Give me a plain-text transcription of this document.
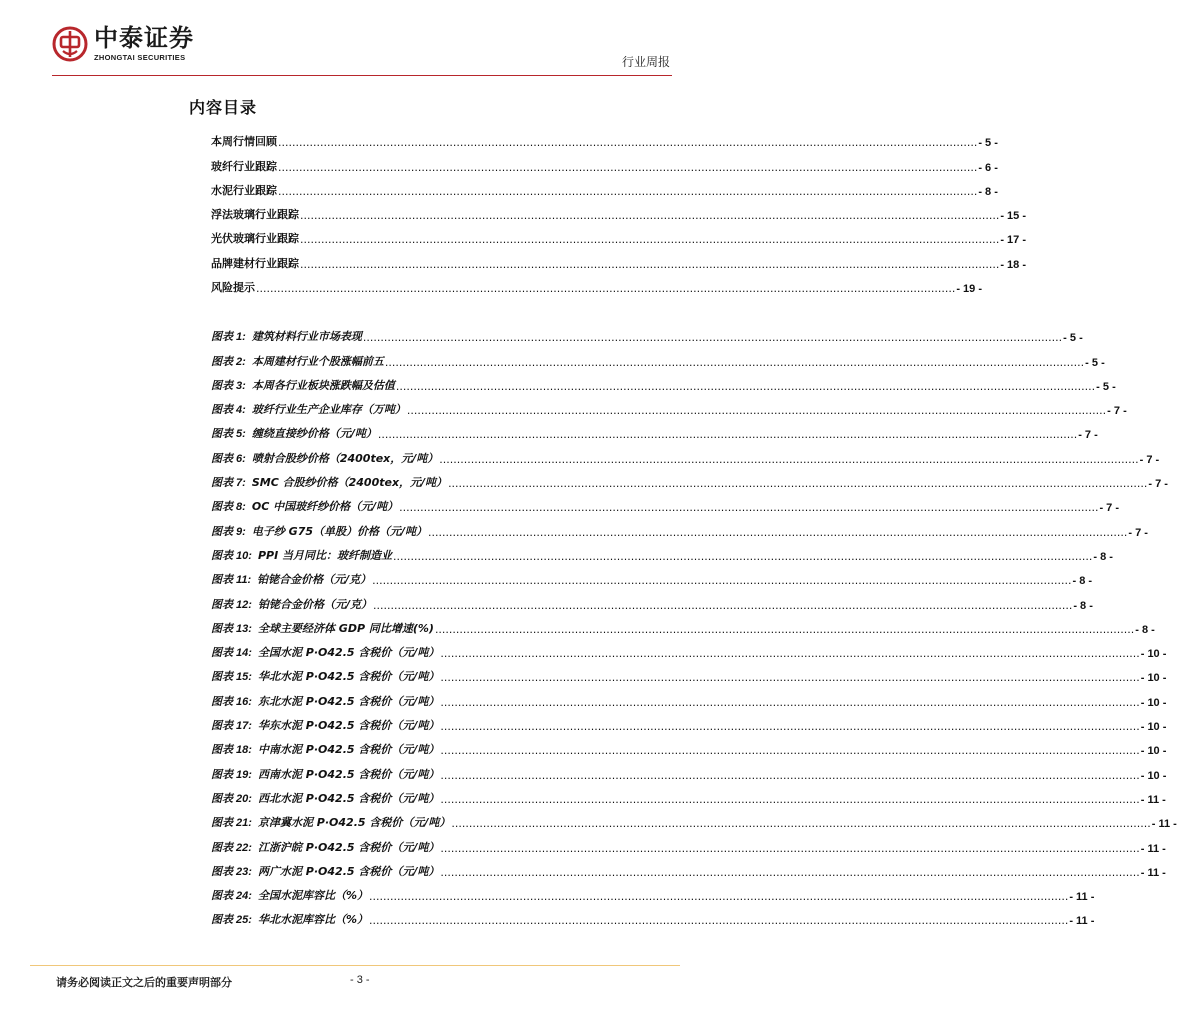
中泰证券
ZHONGTAI SECURITIES	行业周报
内容目录
本周行情回顾 ........................................................................................................................................................................................................ - 5 -
玻纤行业跟踪 ........................................................................................................................................................................................................ - 6 -
水泥行业跟踪 ........................................................................................................................................................................................................ - 8 -
浮法玻璃行业跟踪 ........................................................................................................................................................................................................ - 15 -
光伏玻璃行业跟踪 ........................................................................................................................................................................................................ - 17 -
品牌建材行业跟踪 ........................................................................................................................................................................................................ - 18 -
风险提示 ........................................................................................................................................................................................................ - 19 -
图表 1: 建筑材料行业市场表现 ........................................................................................................................................................................................................ - 5 -
图表 2: 本周建材行业个股涨幅前五 ........................................................................................................................................................................................................ - 5 -
图表 3: 本周各行业板块涨跌幅及估值 ........................................................................................................................................................................................................ - 5 -
图表 4: 玻纤行业生产企业库存（万吨） ........................................................................................................................................................................................................ - 7 -
图表 5: 缠绕直接纱价格（元/吨） ........................................................................................................................................................................................................ - 7 -
图表 6: 喷射合股纱价格（2400tex，元/吨） ........................................................................................................................................................................................................ - 7 -
图表 7: SMC 合股纱价格（2400tex，元/吨） ........................................................................................................................................................................................................ - 7 -
图表 8: OC 中国玻纤纱价格（元/吨） ........................................................................................................................................................................................................ - 7 -
图表 9: 电子纱 G75（单股）价格（元/吨） ........................................................................................................................................................................................................ - 7 -
图表 10: PPI 当月同比：玻纤制造业 ........................................................................................................................................................................................................ - 8 -
图表 11: 铂铑合金价格（元/克） ........................................................................................................................................................................................................ - 8 -
图表 12: 铂铑合金价格（元/克） ........................................................................................................................................................................................................ - 8 -
图表 13: 全球主要经济体 GDP 同比增速(%) ........................................................................................................................................................................................................ - 8 -
图表 14: 全国水泥 P·O42.5 含税价（元/吨） ........................................................................................................................................................................................................ - 10 -
图表 15: 华北水泥 P·O42.5 含税价（元/吨） ........................................................................................................................................................................................................ - 10 -
图表 16: 东北水泥 P·O42.5 含税价（元/吨） ........................................................................................................................................................................................................ - 10 -
图表 17: 华东水泥 P·O42.5 含税价（元/吨） ........................................................................................................................................................................................................ - 10 -
图表 18: 中南水泥 P·O42.5 含税价（元/吨） ........................................................................................................................................................................................................ - 10 -
图表 19: 西南水泥 P·O42.5 含税价（元/吨） ........................................................................................................................................................................................................ - 10 -
图表 20: 西北水泥 P·O42.5 含税价（元/吨） ........................................................................................................................................................................................................ - 11 -
图表 21: 京津冀水泥 P·O42.5 含税价（元/吨） ........................................................................................................................................................................................................ - 11 -
图表 22: 江浙沪皖 P·O42.5 含税价（元/吨） ........................................................................................................................................................................................................ - 11 -
图表 23: 两广水泥 P·O42.5 含税价（元/吨） ........................................................................................................................................................................................................ - 11 -
图表 24: 全国水泥库容比（%） ........................................................................................................................................................................................................ - 11 -
图表 25: 华北水泥库容比（%） ........................................................................................................................................................................................................ - 11 -
请务必阅读正文之后的重要声明部分	- 3 -
